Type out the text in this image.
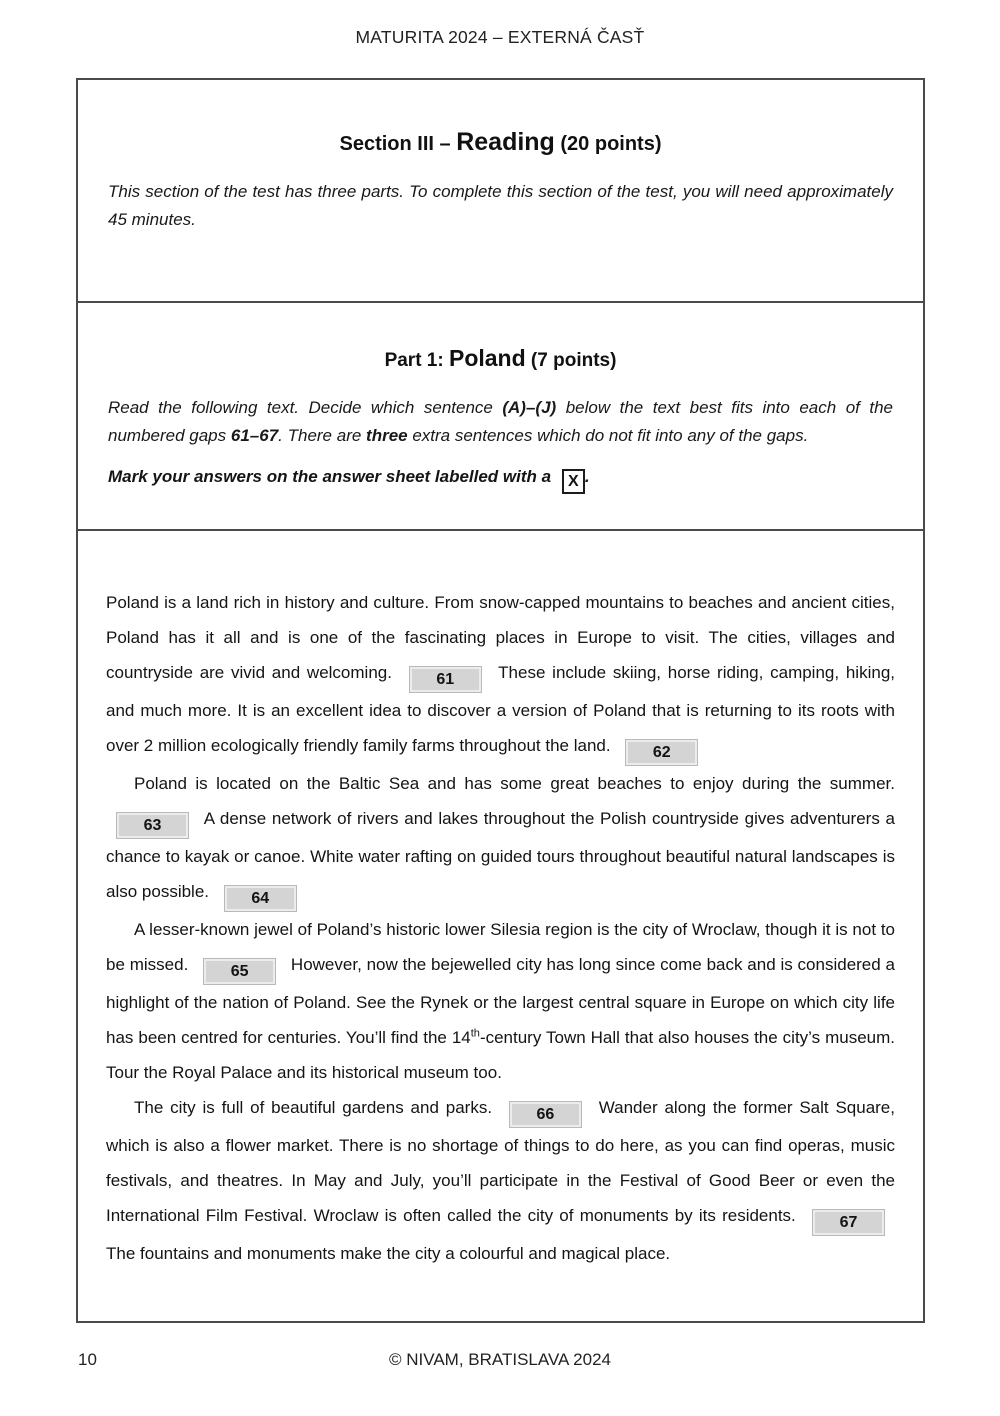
MATURITA 2024 – EXTERNÁ ČASŤ
Section III – Reading (20 points)

This section of the test has three parts. To complete this section of the test, you will need approximately 45 minutes.

Part 1: Poland (7 points)

Read the following text. Decide which sentence (A)–(J) below the text best fits into each of the numbered gaps 61–67. There are three extra sentences which do not fit into any of the gaps.

Mark your answers on the answer sheet labelled with a X .

Poland is a land rich in history and culture. From snow-capped mountains to beaches and ancient cities, Poland has it all and is one of the fascinating places in Europe to visit. The cities, villages and countryside are vivid and welcoming. 61 These include skiing, horse riding, camping, hiking, and much more. It is an excellent idea to discover a version of Poland that is returning to its roots with over 2 million ecologically friendly family farms throughout the land. 62

Poland is located on the Baltic Sea and has some great beaches to enjoy during the summer. 63 A dense network of rivers and lakes throughout the Polish countryside gives adventurers a chance to kayak or canoe. White water rafting on guided tours throughout beautiful natural landscapes is also possible. 64

A lesser-known jewel of Poland’s historic lower Silesia region is the city of Wroclaw, though it is not to be missed. 65 However, now the bejewelled city has long since come back and is considered a highlight of the nation of Poland. See the Rynek or the largest central square in Europe on which city life has been centred for centuries. You’ll find the 14th-century Town Hall that also houses the city’s museum. Tour the Royal Palace and its historical museum too.

The city is full of beautiful gardens and parks. 66 Wander along the former Salt Square, which is also a flower market. There is no shortage of things to do here, as you can find operas, music festivals, and theatres. In May and July, you’ll participate in the Festival of Good Beer or even the International Film Festival. Wroclaw is often called the city of monuments by its residents. 67 The fountains and monuments make the city a colourful and magical place.

© NIVAM, BRATISLAVA 2024
10
